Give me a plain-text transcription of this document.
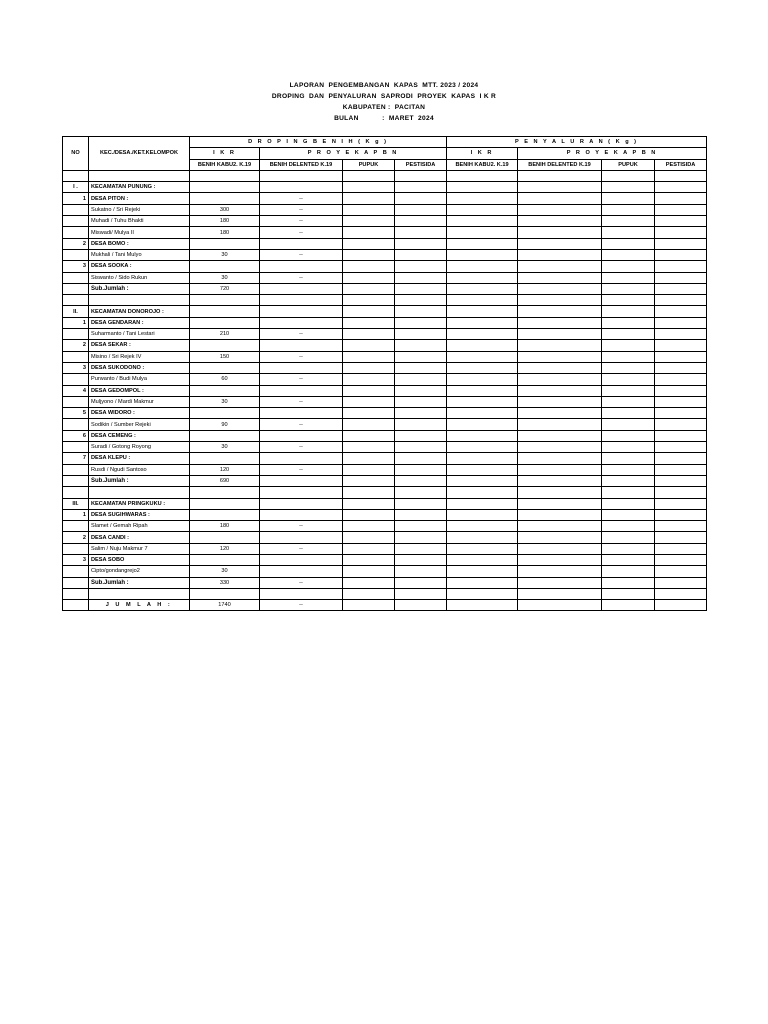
LAPORAN  PENGEMBANGAN  KAPAS  MTT. 2023 / 2024
DROPING  DAN  PENYALURAN  SAPRODI  PROYEK  KAPAS  I K R
KABUPATEN :  PACITAN
BULAN           :  MARET  2024
NO	KEC./DESA./KET.KELOMPOK	D R O P I N G B E N I H ( K g )				P E N Y A L U R A N ( K g )			
		I K R	P R O Y E K A P B N			I K R	P R O Y E K A P B N		
		BENIH KABU2. K.19	BENIH DELENTED K.19	PUPUK	PESTISIDA	BENIH KABU2. K.19	BENIH DELENTED K.19	PUPUK	PESTISIDA

I .	KECAMATAN PUNUNG :								
1	DESA PITON :		--						
	Sukatno / Sri Rejeki	300	--						
	Muhadi / Tuhu Bhakti	180	--						
	Miswadi/ Mulya II	180	--						
2	DESA BOMO :								
	Mukhali / Tani Mulyo	30	--						
3	DESA SOOKA :								
	Siswanto / Sido Rukun	30	--						
	Sub.Jumlah :	720							

II.	KECAMATAN DONOROJO :								
1	DESA GENDARAN :								
	Suharmanto / Tani Lestari	210	--						
2	DESA SEKAR :								
	Misino / Sri Rejek IV	150	--						
3	DESA SUKODONO :								
	Purwanto / Budi Mulya	60	--						
4	DESA GEDOMPOL :								
	Muljyono / Mardi Makmur	30	--						
5	DESA WIDORO :								
	Sodikin / Sumber Rejeki	90	--						
6	DESA CEMENG :								
	Suradi / Gotong Royong	30	--						
7	DESA KLEPU :								
	Rusdi / Ngudi Santoso	120	--						
	Sub.Jumlah :	690							

III.	KECAMATAN PRINGKUKU :								
1	DESA SUGIHWARAS :								
	Slamet / Gemah Ripah	180	--						
2	DESA CANDI :								
	Salim / Nuju Makmur 7	120	--						
3	DESA SOBO								
	Cipto/gondangrejo2	30							
	Sub.Jumlah :	330	--						

	J U M L A H :	1740	--						
